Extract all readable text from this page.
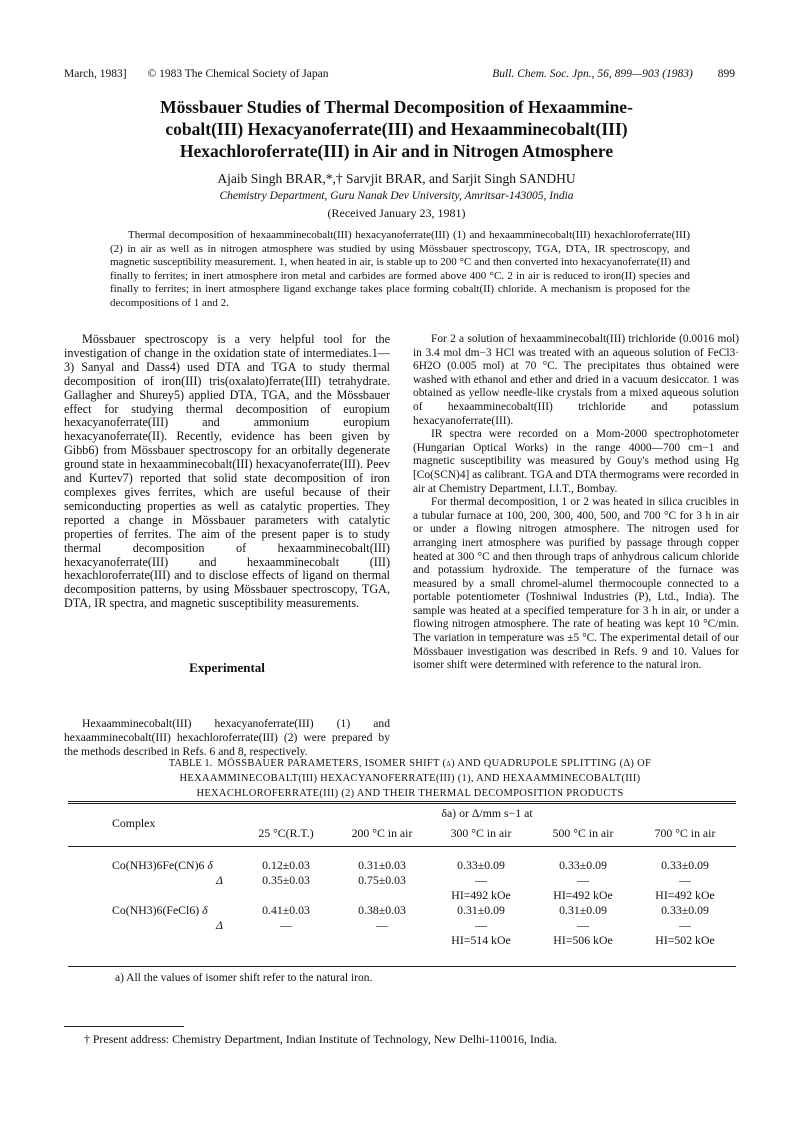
March, 1983] © 1983 The Chemical Society of Japan	Bull. Chem. Soc. Jpn., 56, 899—903 (1983) 899
Mössbauer Studies of Thermal Decomposition of Hexaammine-
cobalt(III) Hexacyanoferrate(III) and Hexaamminecobalt(III)
Hexachloroferrate(III) in Air and in Nitrogen Atmosphere
Ajaib Singh BRAR,*,† Sarvjit BRAR, and Sarjit Singh SANDHU
Chemistry Department, Guru Nanak Dev University, Amritsar-143005, India
(Received January 23, 1981)
Thermal decomposition of hexaamminecobalt(III) hexacyanoferrate(III) (1) and hexaamminecobalt(III) hexachloroferrate(III) (2) in air as well as in nitrogen atmosphere was studied by using Mössbauer spectroscopy, TGA, DTA, IR spectroscopy, and magnetic susceptibility measurement. 1, when heated in air, is stable up to 200 °C and then converted into hexacyanoferrate(II) and finally to ferrites; in inert atmosphere iron metal and carbides are formed above 400 °C. 2 in air is reduced to iron(II) species and finally to ferrites; in inert atmosphere ligand exchange takes place forming cobalt(II) chloride. A mechanism is proposed for the decompositions of 1 and 2.

Mössbauer spectroscopy is a very helpful tool for the investigation of change in the oxidation state of intermediates.1—3) Sanyal and Dass4) used DTA and TGA to study thermal decomposition of iron(III) tris(oxalato)ferrate(III) tetrahydrate. Gallagher and Shurey5) applied DTA, TGA, and the Mössbauer effect for studying thermal decomposition of europium hexacyanoferrate(III) and ammonium europium hexacyanoferrate(II). Recently, evidence has been given by Gibb6) from Mössbauer spectroscopy for an orbitally degenerate ground state in hexaamminecobalt(III) hexacyanoferrate(III). Peev and Kurtev7) reported that solid state decomposition of iron complexes gives ferrites, which are useful because of their semiconducting properties as well as catalytic properties. They reported a change in Mössbauer parameters with catalytic properties of ferrites. The aim of the present paper is to study thermal decomposition of hexaamminecobalt(III) hexacyanoferrate(III) and hexaamminecobalt (III) hexachloroferrate(III) and to disclose effects of ligand on thermal decomposition patterns, by using Mössbauer spectroscopy, TGA, DTA, IR spectra, and magnetic susceptibility measurements.

Experimental

Hexaamminecobalt(III) hexacyanoferrate(III) (1) and hexaamminecobalt(III) hexachloroferrate(III) (2) were prepared by the methods described in Refs. 6 and 8, respectively.

For 2 a solution of hexaamminecobalt(III) trichloride (0.0016 mol) in 3.4 mol dm−3 HCl was treated with an aqueous solution of FeCl3· 6H2O (0.005 mol) at 70 °C. The precipitates thus obtained were washed with ethanol and ether and dried in a vacuum desiccator. 1 was obtained as yellow needle-like crystals from a mixed aqueous solution of hexaamminecobalt(III) trichloride and potassium hexacyanoferrate(III).

IR spectra were recorded on a Mom-2000 spectrophotometer (Hungarian Optical Works) in the range 4000—700 cm−1 and magnetic susceptibility was measured by Gouy's method using Hg [Co(SCN)4] as calibrant. TGA and DTA thermograms were recorded in air at Chemistry Department, I.I.T., Bombay.

For thermal decomposition, 1 or 2 was heated in silica crucibles in a tubular furnace at 100, 200, 300, 400, 500, and 700 °C for 3 h in air or under a flowing nitrogen atmosphere. The nitrogen used for arranging inert atmosphere was purified by passage through copper heated at 300 °C and then through traps of anhydrous calicum chloride and potassium hydroxide. The temperature of the furnace was measured by a small chromel-alumel thermocouple connected to a portable potentiometer (Toshniwal Industries (P), Ltd., India). The sample was heated at a specified temperature for 3 h in air, or under a flowing nitrogen atmosphere. The rate of heating was kept 10 °C/min. The variation in temperature was ±5 °C. The experimental detail of our Mössbauer investigation was described in Refs. 9 and 10. Values for isomer shift were determined with reference to the natural iron.

TABLE 1. MÖSSBAUER PARAMETERS, ISOMER SHIFT (δ) AND QUADRUPOLE SPLITTING (Δ) OF
HEXAAMMINECOBALT(III) HEXACYANOFERRATE(III) (1), AND HEXAAMMINECOBALT(III)
HEXACHLOROFERRATE(III) (2) AND THEIR THERMAL DECOMPOSITION PRODUCTS
Complex	δa) or Δ/mm s−1 at				
	25 °C(R.T.)	200 °C in air	300 °C in air	500 °C in air	700 °C in air

Co(NH3)6Fe(CN)6 δ	0.12±0.03	0.31±0.03	0.33±0.09	0.33±0.09	0.33±0.09
Δ	0.35±0.03	0.75±0.03	—	—	—
			HI=492 kOe	HI=492 kOe	HI=492 kOe
Co(NH3)6(FeCl6) δ	0.41±0.03	0.38±0.03	0.31±0.09	0.31±0.09	0.33±0.09
Δ	—	—	—	—	—
			HI=514 kOe	HI=506 kOe	HI=502 kOe
a) All the values of isomer shift refer to the natural iron.
† Present address: Chemistry Department, Indian Institute of Technology, New Delhi-110016, India.
